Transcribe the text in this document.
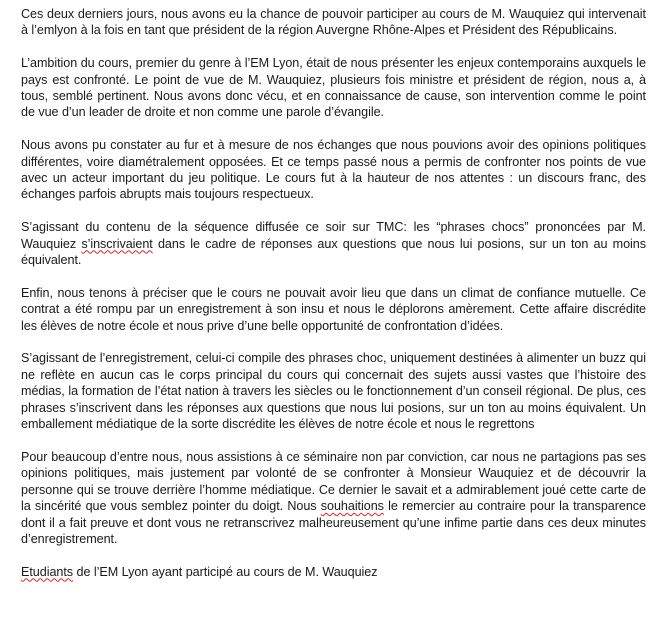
Ces deux derniers jours, nous avons eu la chance de pouvoir participer au cours de M. Wauquiez qui intervenait à l’emlyon à la fois en tant que président de la région Auvergne Rhône-Alpes et Président des Républicains.

L’ambition du cours, premier du genre à l’EM Lyon, était de nous présenter les enjeux contemporains auxquels le pays est confronté. Le point de vue de M. Wauquiez, plusieurs fois ministre et président de région, nous a, à tous, semblé pertinent. Nous avons donc vécu, et en connaissance de cause, son intervention comme le point de vue d’un leader de droite et non comme une parole d’évangile.

Nous avons pu constater au fur et à mesure de nos échanges que nous pouvions avoir des opinions politiques différentes, voire diamétralement opposées. Et ce temps passé nous a permis de confronter nos points de vue avec un acteur important du jeu politique. Le cours fut à la hauteur de nos attentes : un discours franc, des échanges parfois abrupts mais toujours respectueux.

S’agissant du contenu de la séquence diffusée ce soir sur TMC: les “phrases chocs” prononcées par M. Wauquiez s’inscrivaient dans le cadre de réponses aux questions que nous lui posions, sur un ton au moins équivalent.

Enfin, nous tenons à préciser que le cours ne pouvait avoir lieu que dans un climat de confiance mutuelle. Ce contrat a été rompu par un enregistrement à son insu et nous le déplorons amèrement. Cette affaire discrédite les élèves de notre école et nous prive d’une belle opportunité de confrontation d’idées.

S’agissant de l’enregistrement, celui-ci compile des phrases choc, uniquement destinées à alimenter un buzz qui ne reflète en aucun cas le corps principal du cours qui concernait des sujets aussi vastes que l’histoire des médias, la formation de l’état nation à travers les siècles ou le fonctionnement d’un conseil régional. De plus, ces phrases s’inscrivent dans les réponses aux questions que nous lui posions, sur un ton au moins équivalent. Un emballement médiatique de la sorte discrédite les élèves de notre école et nous le regrettons

Pour beaucoup d’entre nous, nous assistions à ce séminaire non par conviction, car nous ne partagions pas ses opinions politiques, mais justement par volonté de se confronter à Monsieur Wauquiez et de découvrir la personne qui se trouve derrière l’homme médiatique. Ce dernier le savait et a admirablement joué cette carte de la sincérité que vous semblez pointer du doigt. Nous souhaitions le remercier au contraire pour la transparence dont il a fait preuve et dont vous ne retranscrivez malheureusement qu’une infime partie dans ces deux minutes d’enregistrement.

Etudiants de l’EM Lyon ayant participé au cours de M. Wauquiez
